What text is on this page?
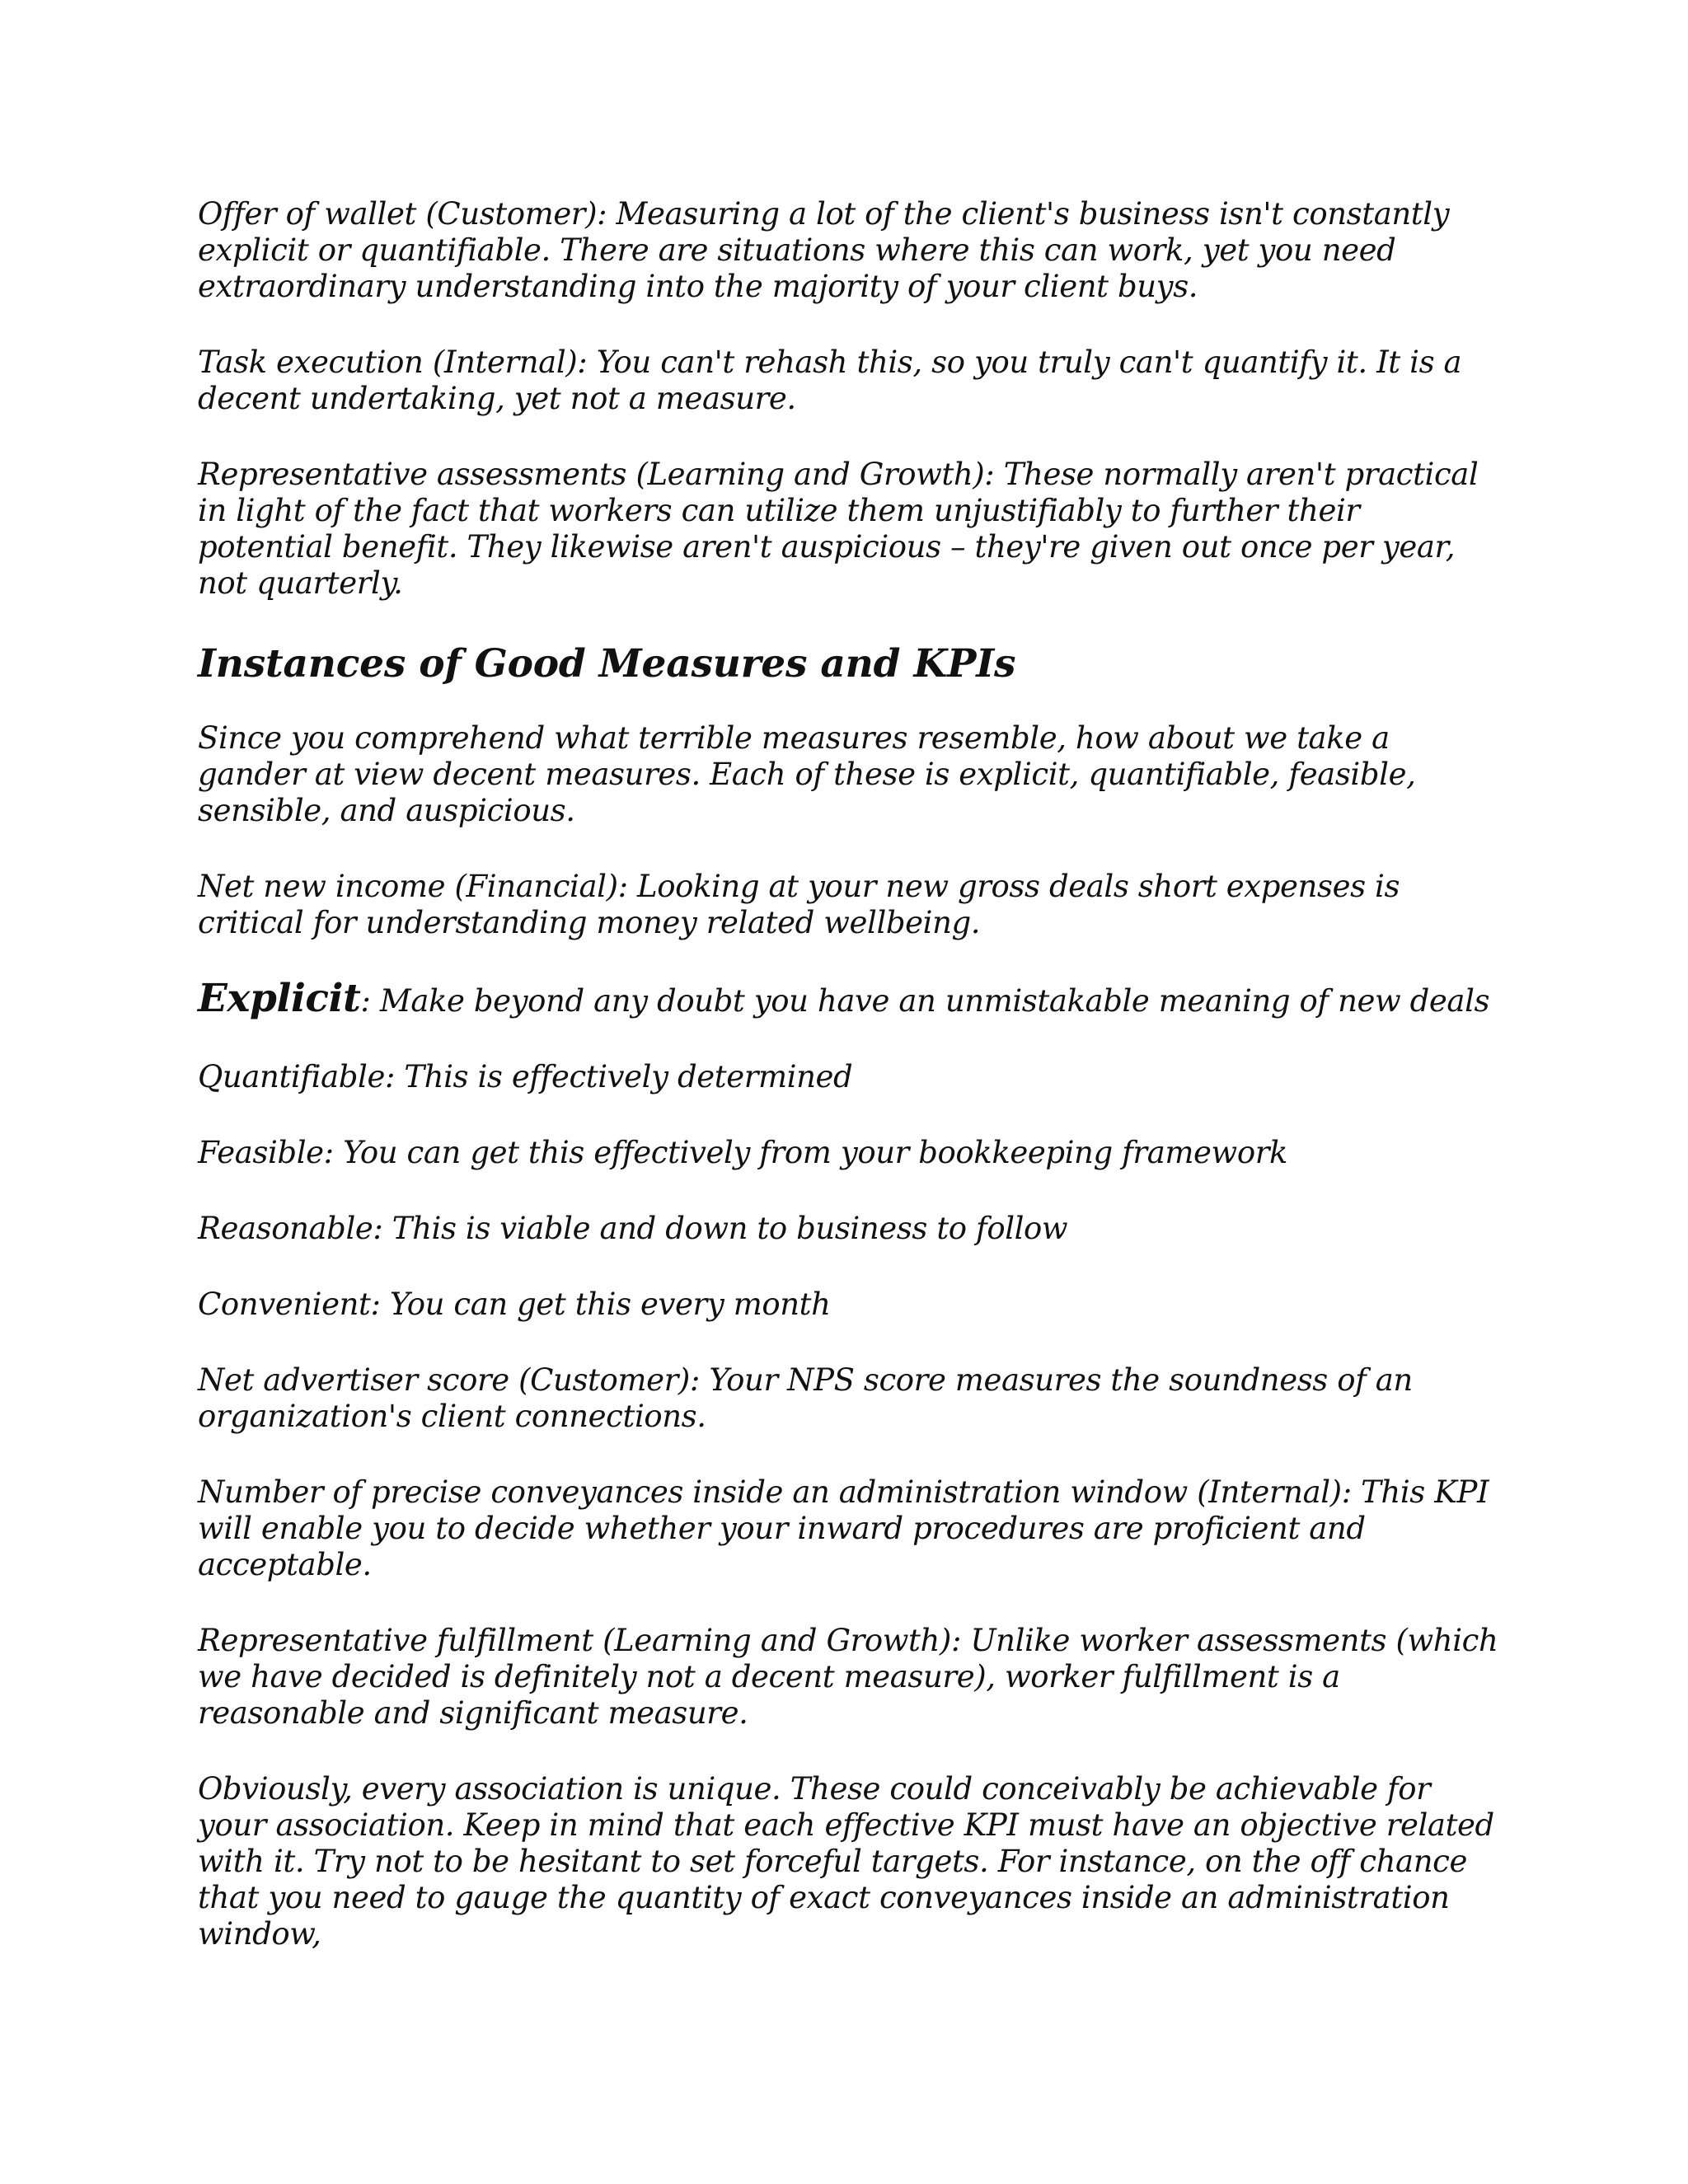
Offer of wallet (Customer): Measuring a lot of the client's business isn't constantly explicit or quantifiable. There are situations where this can work, yet you need extraordinary understanding into the majority of your client buys.

Task execution (Internal): You can't rehash this, so you truly can't quantify it. It is a decent undertaking, yet not a measure.

Representative assessments (Learning and Growth): These normally aren't practical in light of the fact that workers can utilize them unjustifiably to further their potential benefit. They likewise aren't auspicious – they're given out once per year, not quarterly.

Instances of Good Measures and KPIs

Since you comprehend what terrible measures resemble, how about we take a gander at view decent measures. Each of these is explicit, quantifiable, feasible, sensible, and auspicious.

Net new income (Financial): Looking at your new gross deals short expenses is critical for understanding money related wellbeing.

Explicit: Make beyond any doubt you have an unmistakable meaning of new deals

Quantifiable: This is effectively determined

Feasible: You can get this effectively from your bookkeeping framework

Reasonable: This is viable and down to business to follow

Convenient: You can get this every month

Net advertiser score (Customer): Your NPS score measures the soundness of an organization's client connections.

Number of precise conveyances inside an administration window (Internal): This KPI will enable you to decide whether your inward procedures are proficient and acceptable.

Representative fulfillment (Learning and Growth): Unlike worker assessments (which we have decided is definitely not a decent measure), worker fulfillment is a reasonable and significant measure.

Obviously, every association is unique. These could conceivably be achievable for your association. Keep in mind that each effective KPI must have an objective related with it. Try not to be hesitant to set forceful targets. For instance, on the off chance that you need to gauge the quantity of exact conveyances inside an administration window,
